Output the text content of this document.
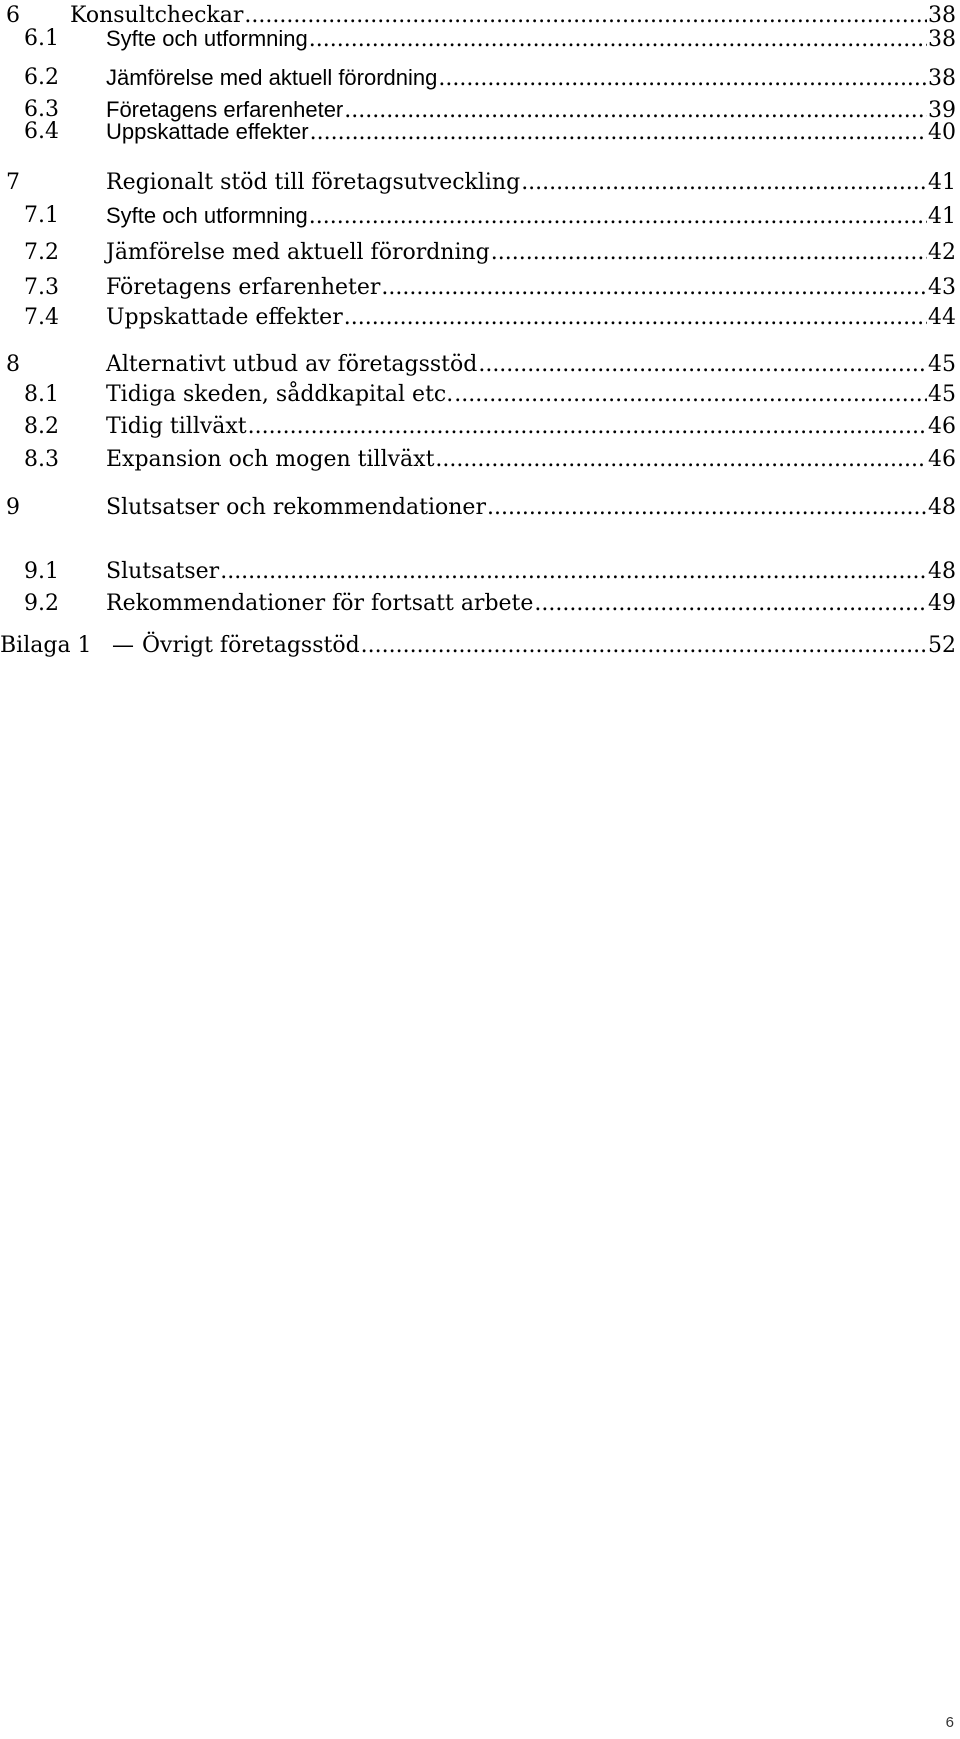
6 Konsultcheckar .....	38
6.1 Syfte och utformning .....	38
6.2 Jämförelse med aktuell förordning .....	38
6.3 Företagens erfarenheter .....	39
6.4 Uppskattade effekter .....	40
7	Regionalt stöd till företagsutveckling .....	41
7.1 Syfte och utformning .....	41
7.2 Jämförelse med aktuell förordning .....	42
7.3 Företagens erfarenheter .....	43
7.4 Uppskattade effekter .....	44
8	Alternativt utbud av företagsstöd .....	45
8.1 Tidiga skeden, såddkapital etc. .....	45
8.2 Tidig tillväxt .....	46
8.3 Expansion och mogen tillväxt .....	46
9	Slutsatser och rekommendationer .....	48
9.1 Slutsatser .....	48
9.2 Rekommendationer för fortsatt arbete .....	49
Bilaga 1 — Övrigt företagsstöd .....	52
6
